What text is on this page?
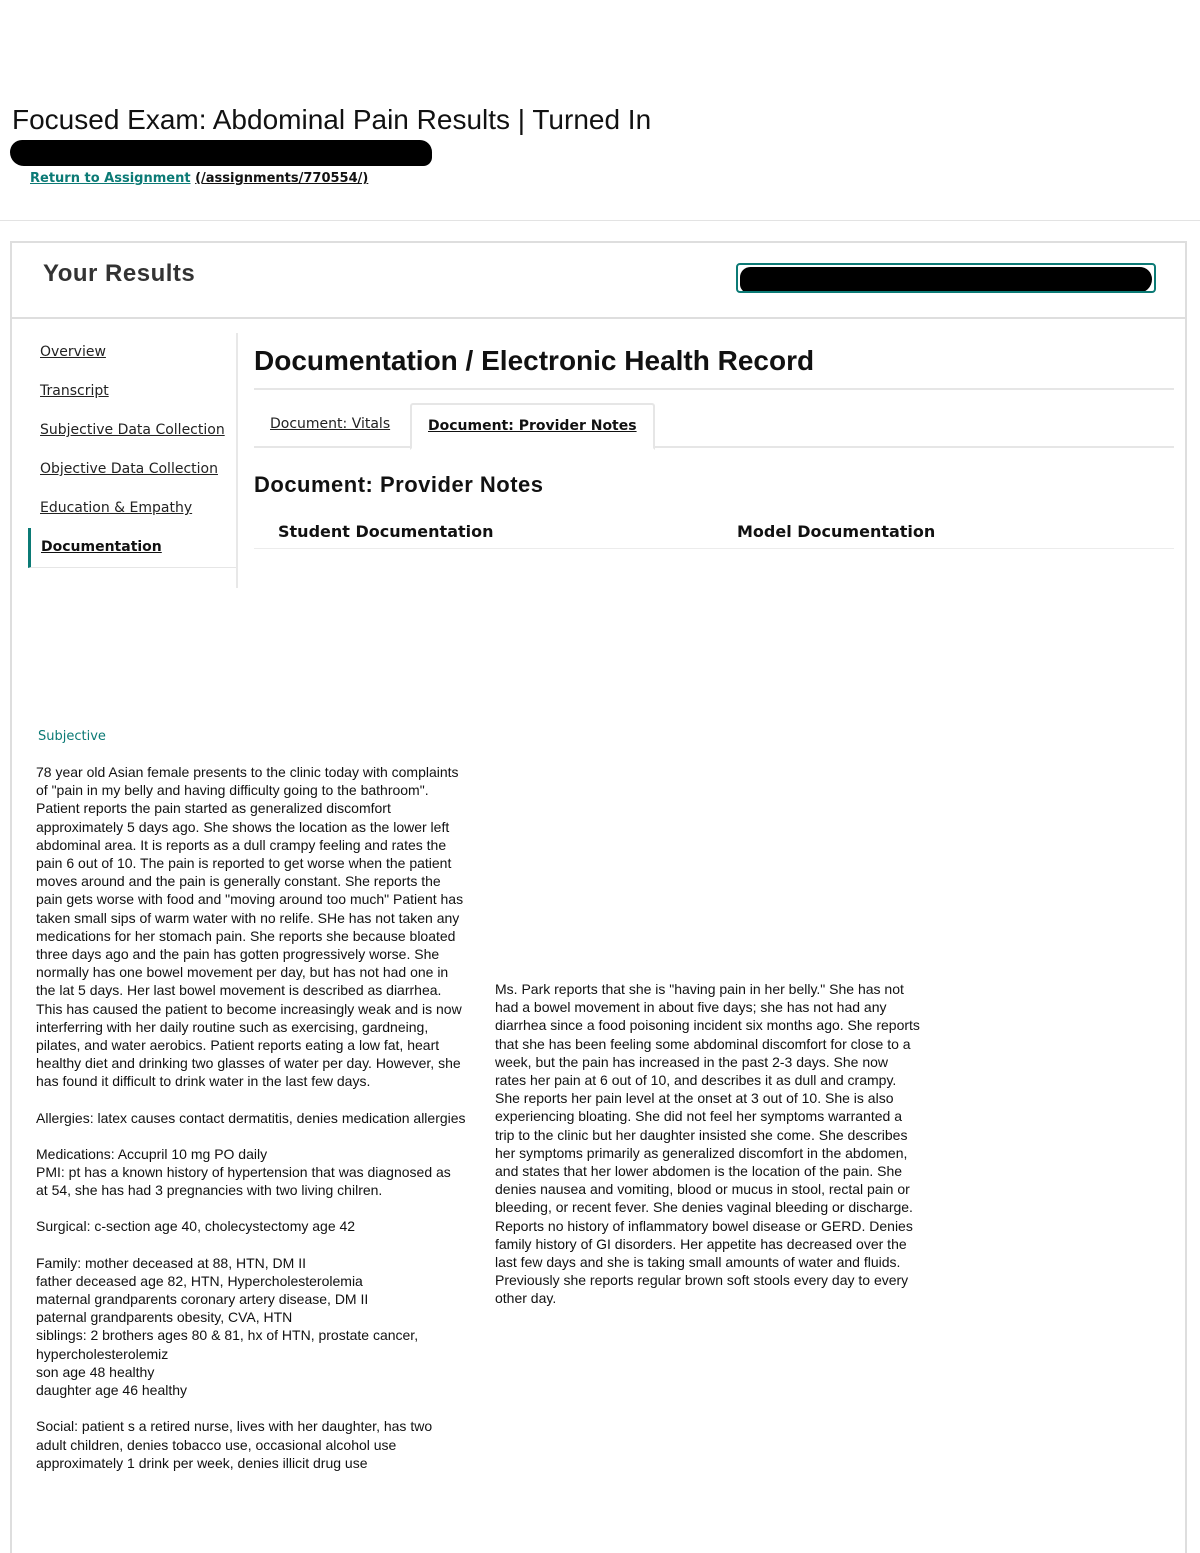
Focused Exam: Abdominal Pain Results | Turned In
Return to Assignment (/assignments/770554/)
Your Results
Overview
Transcript
Subjective Data Collection
Objective Data Collection
Education & Empathy
Documentation
Documentation / Electronic Health Record
Document: Vitals	Document: Provider Notes
Document: Provider Notes
Student Documentation	Model Documentation

Subjective

78 year old Asian female presents to the clinic today with complaints of "pain in my belly and having difficulty going to the bathroom". Patient reports the pain started as generalized discomfort approximately 5 days ago. She shows the location as the lower left abdominal area. It is reports as a dull crampy feeling and rates the pain 6 out of 10. The pain is reported to get worse when the patient moves around and the pain is generally constant. She reports the pain gets worse with food and "moving around too much" Patient has taken small sips of warm water with no relife. SHe has not taken any medications for her stomach pain. She reports she because bloated three days ago and the pain has gotten progressively worse. She normally has one bowel movement per day, but has not had one in the lat 5 days. Her last bowel movement is described as diarrhea. This has caused the patient to become increasingly weak and is now interferring with her daily routine such as exercising, gardneing, pilates, and water aerobics. Patient reports eating a low fat, heart healthy diet and drinking two glasses of water per day. However, she has found it difficult to drink water in the last few days.

Allergies: latex causes contact dermatitis, denies medication allergies

Medications: Accupril 10 mg PO daily
PMI: pt has a known history of hypertension that was diagnosed as at 54, she has had 3 pregnancies with two living chilren.

Surgical: c-section age 40, cholecystectomy age 42

Family: mother deceased at 88, HTN, DM II
father deceased age 82, HTN, Hypercholesterolemia
maternal grandparents coronary artery disease, DM II
paternal grandparents obesity, CVA, HTN
siblings: 2 brothers ages 80 & 81, hx of HTN, prostate cancer, hypercholesterolemiz
son age 48 healthy
daughter age 46 healthy

Social: patient s a retired nurse, lives with her daughter, has two adult children, denies tobacco use, occasional alcohol use approximately 1 drink per week, denies illicit drug use

Ms. Park reports that she is "having pain in her belly." She has not had a bowel movement in about five days; she has not had any diarrhea since a food poisoning incident six months ago. She reports that she has been feeling some abdominal discomfort for close to a week, but the pain has increased in the past 2-3 days. She now rates her pain at 6 out of 10, and describes it as dull and crampy. She reports her pain level at the onset at 3 out of 10. She is also experiencing bloating. She did not feel her symptoms warranted a trip to the clinic but her daughter insisted she come. She describes her symptoms primarily as generalized discomfort in the abdomen, and states that her lower abdomen is the location of the pain. She denies nausea and vomiting, blood or mucus in stool, rectal pain or bleeding, or recent fever. She denies vaginal bleeding or discharge. Reports no history of inflammatory bowel disease or GERD. Denies family history of GI disorders. Her appetite has decreased over the last few days and she is taking small amounts of water and fluids. Previously she reports regular brown soft stools every day to every other day.
